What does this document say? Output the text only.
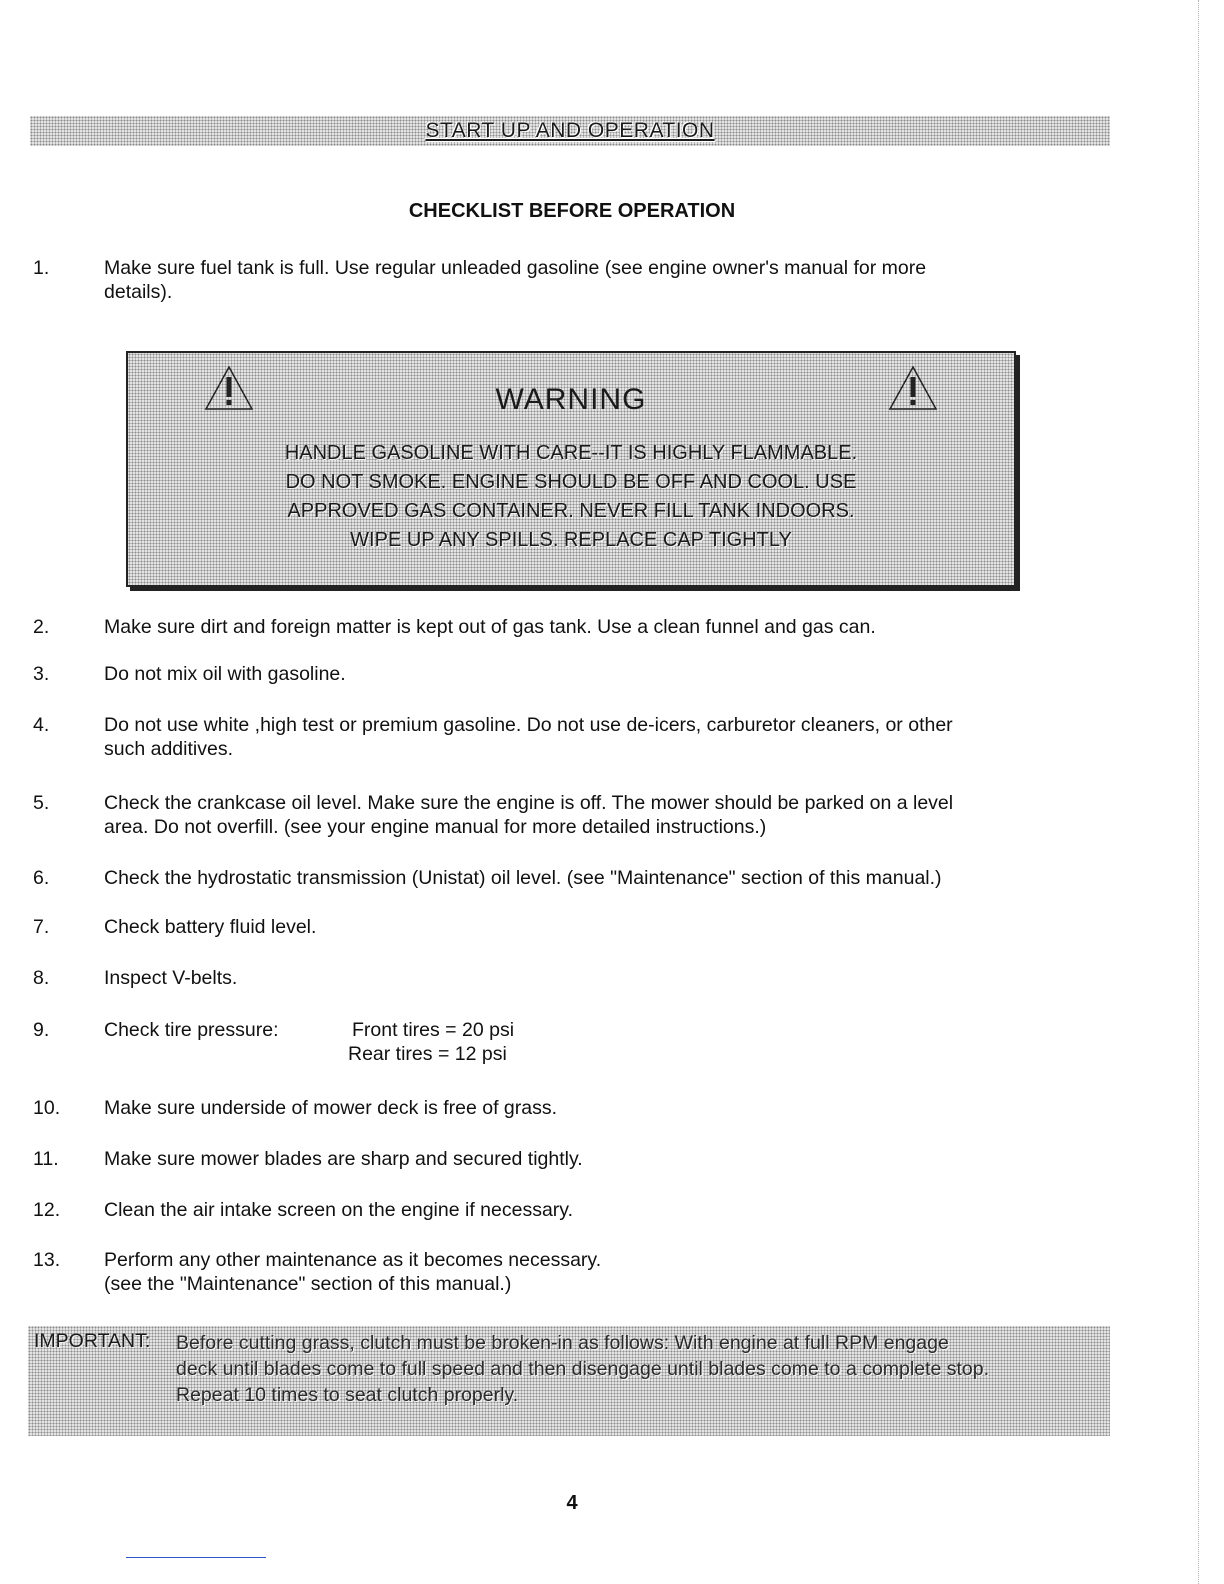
START UP AND OPERATION
CHECKLIST BEFORE OPERATION
1.	Make sure fuel tank is full. Use regular unleaded gasoline (see engine owner's manual for more
details).
WARNING
HANDLE GASOLINE WITH CARE--IT IS HIGHLY FLAMMABLE.
DO NOT SMOKE. ENGINE SHOULD BE OFF AND COOL. USE
APPROVED GAS CONTAINER. NEVER FILL TANK INDOORS.
WIPE UP ANY SPILLS. REPLACE CAP TIGHTLY
2.	Make sure dirt and foreign matter is kept out of gas tank. Use a clean funnel and gas can.
3.	Do not mix oil with gasoline.
4.	Do not use white ,high test or premium gasoline. Do not use de-icers, carburetor cleaners, or other
such additives.
5.	Check the crankcase oil level. Make sure the engine is off. The mower should be parked on a level
area. Do not overfill. (see your engine manual for more detailed instructions.)
6.	Check the hydrostatic transmission (Unistat) oil level. (see "Maintenance" section of this manual.)
7.	Check battery fluid level.
8.	Inspect V-belts.
9.	Check tire pressure:	Front tires = 20 psi
Rear tires = 12 psi
10. Make sure underside of mower deck is free of grass.
11. Make sure mower blades are sharp and secured tightly.
12. Clean the air intake screen on the engine if necessary.
13. Perform any other maintenance as it becomes necessary.
(see the "Maintenance" section of this manual.)
IMPORTANT: Before cutting grass, clutch must be broken-in as follows: With engine at full RPM engage
deck until blades come to full speed and then disengage until blades come to a complete stop.
Repeat 10 times to seat clutch properly.
4
